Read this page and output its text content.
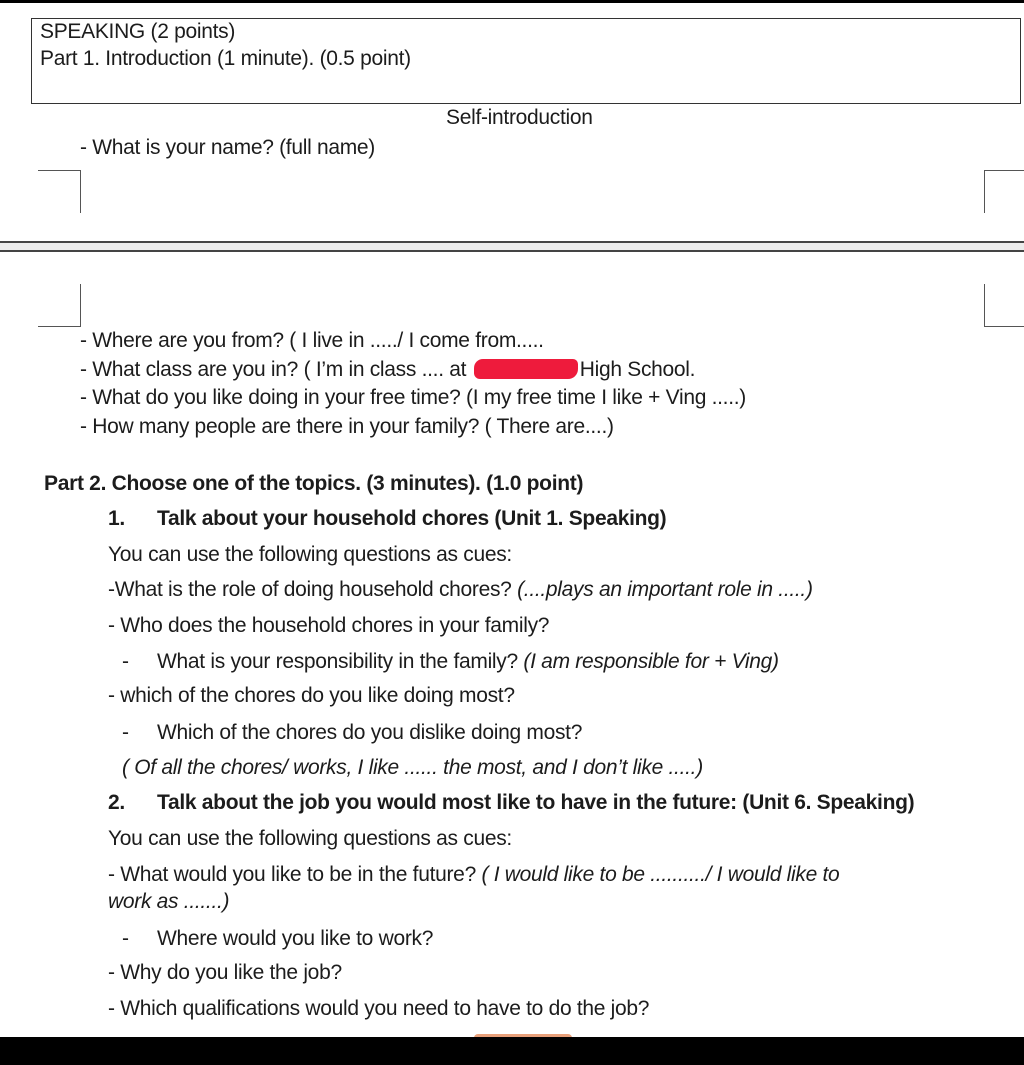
SPEAKING (2 points)
Part 1. Introduction (1 minute). (0.5 point)
Self-introduction
- What is your name? (full name)
- Where are you from? ( I live in ...../ I come from.....
- What class are you in? ( I’m in class .... at	High School.
- What do you like doing in your free time? (I my free time I like + Ving .....)
- How many people are there in your family? ( There are....)
Part 2. Choose one of the topics. (3 minutes). (1.0 point)
1. Talk about your household chores (Unit 1. Speaking)
You can use the following questions as cues:
-What is the role of doing household chores? (....plays an important role in .....)
- Who does the household chores in your family?
- What is your responsibility in the family? (I am responsible for + Ving)
- which of the chores do you like doing most?
- Which of the chores do you dislike doing most?
( Of all the chores/ works, I like ...... the most, and I don’t like .....)
2. Talk about the job you would most like to have in the future: (Unit 6. Speaking)
You can use the following questions as cues:
- What would you like to be in the future? ( I would like to be ........../ I would like to
work as .......)
- Where would you like to work?
- Why do you like the job?
- Which qualifications would you need to have to do the job?
